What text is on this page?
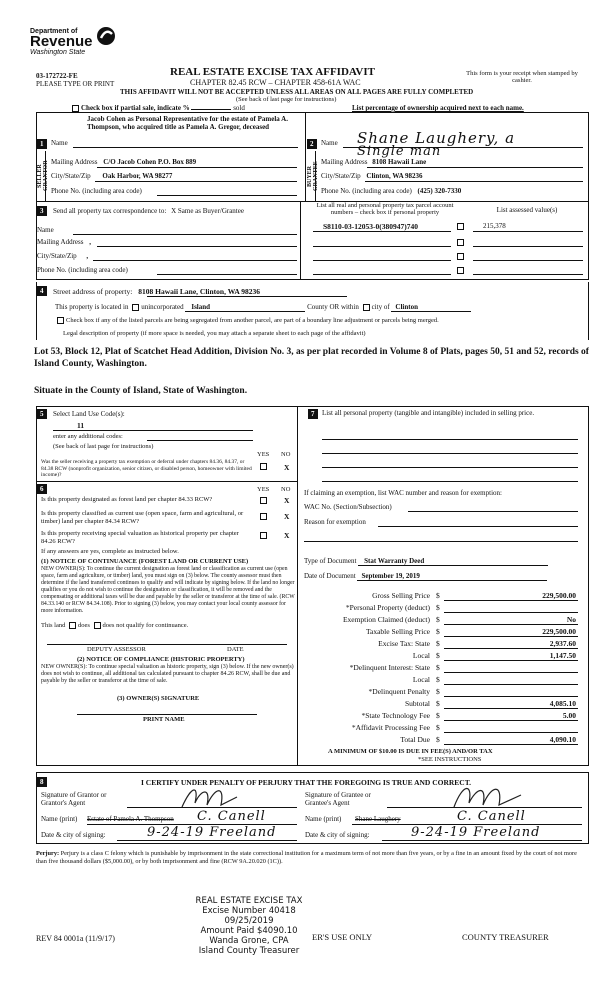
Department of
Revenue
Washington State
03-172722-FE
PLEASE TYPE OR PRINT
REAL ESTATE EXCISE TAX AFFIDAVIT
CHAPTER 82.45 RCW – CHAPTER 458-61A WAC
This form is your receipt when stamped by cashier.
THIS AFFIDAVIT WILL NOT BE ACCEPTED UNLESS ALL AREAS ON ALL PAGES ARE FULLY COMPLETED
(See back of last page for instructions)
Check box if partial sale, indicate %	sold	List percentage of ownership acquired next to each name.
SELLER GRANTOR
1
Jacob Cohen as Personal Representative for the estate of Pamela A. Thompson, who acquired title as Pamela A. Gregor, deceased
Name
Mailing Address C/O Jacob Cohen P.O. Box 889
City/State/Zip Oak Harbor, WA 98277
Phone No. (including area code)
BUYER GRANTEE
2	Name Shane Laughery, a
Single man
Mailing Address 8108 Hawaii Lane
City/State/Zip Clinton, WA 98236
Phone No. (including area code) (425) 320-7330
3	Send all property tax correspondence to: X Same as Buyer/Grantee
Name
Mailing Address ,
City/State/Zip ,
Phone No. (including area code)
List all real and personal property tax parcel account numbers – check box if personal property	List assessed value(s)
S8110-03-12053-0(380947)740	215,378
4	Street address of property: 8108 Hawaii Lane, Clinton, WA 98236
This property is located in unincorporated Island	County OR within city of Clinton
Check box if any of the listed parcels are being segregated from another parcel, are part of a boundary line adjustment or parcels being merged.
Legal description of property (if more space is needed, you may attach a separate sheet to each page of the affidavit)
Lot 53, Block 12, Plat of Scatchet Head Addition, Division No. 3, as per plat recorded in Volume 8 of Plats, pages 50, 51 and 52, records of Island County, Washington.
Situate in the County of Island, State of Washington.
5	Select Land Use Code(s):
11
enter any additional codes:
(See back of last page for instructions)
YES NO
Was the seller receiving a property tax exemption or deferral under chapters 84.36, 84.37, or 84.38 RCW (nonprofit organization, senior citizen, or disabled person, homeowner with limited income)?
X
6	YES NO
Is this property designated as forest land per chapter 84.33 RCW?	X
Is this property classified as current use (open space, farm and agricultural, or timber) land per chapter 84.34 RCW?	X
Is this property receiving special valuation as historical property per chapter 84.26 RCW?
X
If any answers are yes, complete as instructed below.
(1) NOTICE OF CONTINUANCE (FOREST LAND OR CURRENT USE)
NEW OWNER(S): To continue the current designation as forest land or classification as current use (open space, farm and agriculture, or timber) land, you must sign on (3) below. The county assessor must then determine if the land transferred continues to qualify and will indicate by signing below. If the land no longer qualifies or you do not wish to continue the designation or classification, it will be removed and the compensating or additional taxes will be due and payable by the seller or transferor at the time of sale. (RCW 84.33.140 or RCW 84.34.108). Prior to signing (3) below, you may contact your local county assessor for more information.
This land does does not qualify for continuance.
DEPUTY ASSESSOR	DATE
(2) NOTICE OF COMPLIANCE (HISTORIC PROPERTY)
NEW OWNER(S): To continue special valuation as historic property, sign (3) below. If the new owner(s) does not wish to continue, all additional tax calculated pursuant to chapter 84.26 RCW, shall be due and payable by the seller or transferor at the time of sale.
(3) OWNER(S) SIGNATURE
PRINT NAME
7	List all personal property (tangible and intangible) included in selling price.
If claiming an exemption, list WAC number and reason for exemption:
WAC No. (Section/Subsection)
Reason for exemption
Type of Document Stat Warranty Deed
Date of Document September 19, 2019
Gross Selling Price $	229,500.00
*Personal Property (deduct) $
Exemption Claimed (deduct) $	No
Taxable Selling Price $	229,500.00
Excise Tax: State $	2,937.60
Local $	1,147.50
*Delinquent Interest: State $
Local $
*Delinquent Penalty $
Subtotal $	4,085.10
*State Technology Fee $	5.00
*Affidavit Processing Fee $
Total Due $	4,090.10
A MINIMUM OF $10.00 IS DUE IN FEE(S) AND/OR TAX
*SEE INSTRUCTIONS
8	I CERTIFY UNDER PENALTY OF PERJURY THAT THE FOREGOING IS TRUE AND CORRECT.
Signature of Grantor or Grantor's Agent
Name (print) Estate of Pamela A. Thompson C. Canell
Date & city of signing:	9-24-19 Freeland
Signature of Grantee or Grantee's Agent
Name (print) Shane Laughery	C. Canell
Date & city of signing:	9-24-19 Freeland
Perjury: Perjury is a class C felony which is punishable by imprisonment in the state correctional institution for a maximum term of not more than five years, or by a fine in an amount fixed by the court of not more than five thousand dollars ($5,000.00), or by both imprisonment and fine (RCW 9A.20.020 (1C)).
REV 84 0001a (11/9/17)
REAL ESTATE EXCISE TAX
Excise Number 40418
09/25/2019
Amount Paid $4090.10
Wanda Grone, CPA
Island County Treasurer
ER'S USE ONLY	COUNTY TREASURER
